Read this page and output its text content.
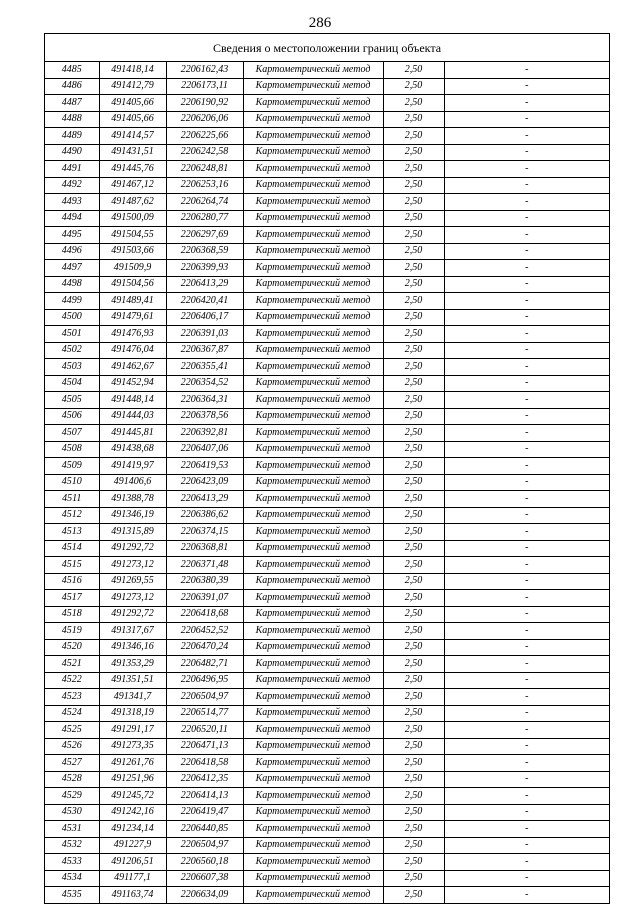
286
Сведения о местоположении границ объекта
4485	491418,14	2206162,43	Картометрический метод	2,50	-
4486	491412,79	2206173,11	Картометрический метод	2,50	-
4487	491405,66	2206190,92	Картометрический метод	2,50	-
4488	491405,66	2206206,06	Картометрический метод	2,50	-
4489	491414,57	2206225,66	Картометрический метод	2,50	-
4490	491431,51	2206242,58	Картометрический метод	2,50	-
4491	491445,76	2206248,81	Картометрический метод	2,50	-
4492	491467,12	2206253,16	Картометрический метод	2,50	-
4493	491487,62	2206264,74	Картометрический метод	2,50	-
4494	491500,09	2206280,77	Картометрический метод	2,50	-
4495	491504,55	2206297,69	Картометрический метод	2,50	-
4496	491503,66	2206368,59	Картометрический метод	2,50	-
4497	491509,9	2206399,93	Картометрический метод	2,50	-
4498	491504,56	2206413,29	Картометрический метод	2,50	-
4499	491489,41	2206420,41	Картометрический метод	2,50	-
4500	491479,61	2206406,17	Картометрический метод	2,50	-
4501	491476,93	2206391,03	Картометрический метод	2,50	-
4502	491476,04	2206367,87	Картометрический метод	2,50	-
4503	491462,67	2206355,41	Картометрический метод	2,50	-
4504	491452,94	2206354,52	Картометрический метод	2,50	-
4505	491448,14	2206364,31	Картометрический метод	2,50	-
4506	491444,03	2206378,56	Картометрический метод	2,50	-
4507	491445,81	2206392,81	Картометрический метод	2,50	-
4508	491438,68	2206407,06	Картометрический метод	2,50	-
4509	491419,97	2206419,53	Картометрический метод	2,50	-
4510	491406,6	2206423,09	Картометрический метод	2,50	-
4511	491388,78	2206413,29	Картометрический метод	2,50	-
4512	491346,19	2206386,62	Картометрический метод	2,50	-
4513	491315,89	2206374,15	Картометрический метод	2,50	-
4514	491292,72	2206368,81	Картометрический метод	2,50	-
4515	491273,12	2206371,48	Картометрический метод	2,50	-
4516	491269,55	2206380,39	Картометрический метод	2,50	-
4517	491273,12	2206391,07	Картометрический метод	2,50	-
4518	491292,72	2206418,68	Картометрический метод	2,50	-
4519	491317,67	2206452,52	Картометрический метод	2,50	-
4520	491346,16	2206470,24	Картометрический метод	2,50	-
4521	491353,29	2206482,71	Картометрический метод	2,50	-
4522	491351,51	2206496,95	Картометрический метод	2,50	-
4523	491341,7	2206504,97	Картометрический метод	2,50	-
4524	491318,19	2206514,77	Картометрический метод	2,50	-
4525	491291,17	2206520,11	Картометрический метод	2,50	-
4526	491273,35	2206471,13	Картометрический метод	2,50	-
4527	491261,76	2206418,58	Картометрический метод	2,50	-
4528	491251,96	2206412,35	Картометрический метод	2,50	-
4529	491245,72	2206414,13	Картометрический метод	2,50	-
4530	491242,16	2206419,47	Картометрический метод	2,50	-
4531	491234,14	2206440,85	Картометрический метод	2,50	-
4532	491227,9	2206504,97	Картометрический метод	2,50	-
4533	491206,51	2206560,18	Картометрический метод	2,50	-
4534	491177,1	2206607,38	Картометрический метод	2,50	-
4535	491163,74	2206634,09	Картометрический метод	2,50	-
